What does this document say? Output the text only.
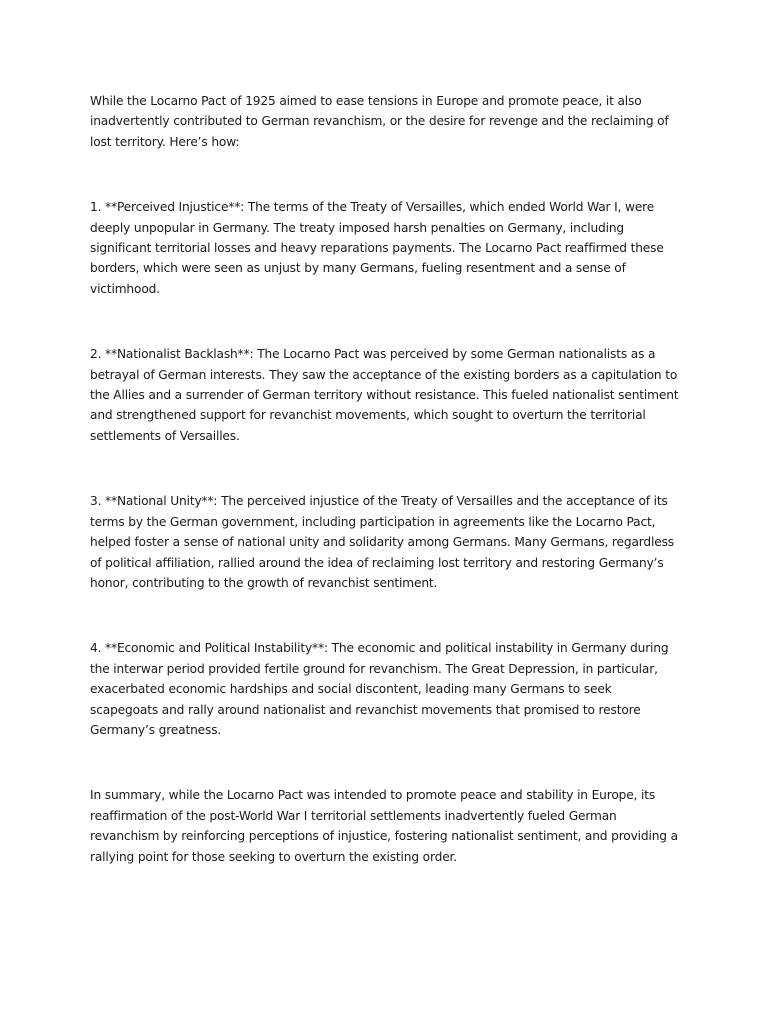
While the Locarno Pact of 1925 aimed to ease tensions in Europe and promote peace, it also inadvertently contributed to German revanchism, or the desire for revenge and the reclaiming of lost territory. Here’s how:

1. **Perceived Injustice**: The terms of the Treaty of Versailles, which ended World War I, were deeply unpopular in Germany. The treaty imposed harsh penalties on Germany, including significant territorial losses and heavy reparations payments. The Locarno Pact reaffirmed these borders, which were seen as unjust by many Germans, fueling resentment and a sense of victimhood.

2. **Nationalist Backlash**: The Locarno Pact was perceived by some German nationalists as a betrayal of German interests. They saw the acceptance of the existing borders as a capitulation to the Allies and a surrender of German territory without resistance. This fueled nationalist sentiment and strengthened support for revanchist movements, which sought to overturn the territorial settlements of Versailles.

3. **National Unity**: The perceived injustice of the Treaty of Versailles and the acceptance of its terms by the German government, including participation in agreements like the Locarno Pact, helped foster a sense of national unity and solidarity among Germans. Many Germans, regardless of political affiliation, rallied around the idea of reclaiming lost territory and restoring Germany’s honor, contributing to the growth of revanchist sentiment.

4. **Economic and Political Instability**: The economic and political instability in Germany during the interwar period provided fertile ground for revanchism. The Great Depression, in particular, exacerbated economic hardships and social discontent, leading many Germans to seek scapegoats and rally around nationalist and revanchist movements that promised to restore Germany’s greatness.

In summary, while the Locarno Pact was intended to promote peace and stability in Europe, its reaffirmation of the post-World War I territorial settlements inadvertently fueled German revanchism by reinforcing perceptions of injustice, fostering nationalist sentiment, and providing a rallying point for those seeking to overturn the existing order.
